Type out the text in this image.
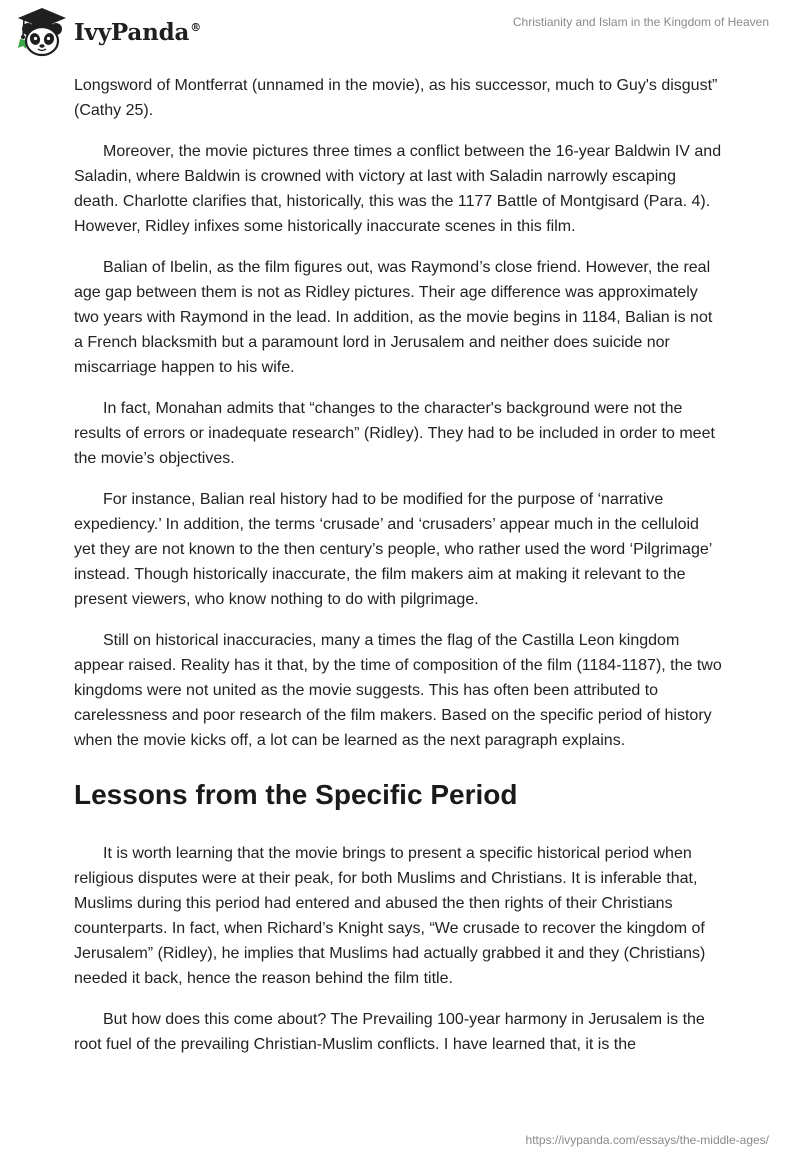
IvyPanda®	Christianity and Islam in the Kingdom of Heaven

Longsword of Montferrat (unnamed in the movie), as his successor, much to Guy's disgust” (Cathy 25).

Moreover, the movie pictures three times a conflict between the 16-year Baldwin IV and Saladin, where Baldwin is crowned with victory at last with Saladin narrowly escaping death. Charlotte clarifies that, historically, this was the 1177 Battle of Montgisard (Para. 4). However, Ridley infixes some historically inaccurate scenes in this film.

Balian of Ibelin, as the film figures out, was Raymond’s close friend. However, the real age gap between them is not as Ridley pictures. Their age difference was approximately two years with Raymond in the lead. In addition, as the movie begins in 1184, Balian is not a French blacksmith but a paramount lord in Jerusalem and neither does suicide nor miscarriage happen to his wife.

In fact, Monahan admits that “changes to the character's background were not the results of errors or inadequate research” (Ridley). They had to be included in order to meet the movie’s objectives.

For instance, Balian real history had to be modified for the purpose of ‘narrative expediency.’ In addition, the terms ‘crusade’ and ‘crusaders’ appear much in the celluloid yet they are not known to the then century’s people, who rather used the word ‘Pilgrimage’ instead. Though historically inaccurate, the film makers aim at making it relevant to the present viewers, who know nothing to do with pilgrimage.

Still on historical inaccuracies, many a times the flag of the Castilla Leon kingdom appear raised. Reality has it that, by the time of composition of the film (1184-1187), the two kingdoms were not united as the movie suggests. This has often been attributed to carelessness and poor research of the film makers. Based on the specific period of history when the movie kicks off, a lot can be learned as the next paragraph explains.

Lessons from the Specific Period

It is worth learning that the movie brings to present a specific historical period when religious disputes were at their peak, for both Muslims and Christians. It is inferable that, Muslims during this period had entered and abused the then rights of their Christians counterparts. In fact, when Richard’s Knight says, “We crusade to recover the kingdom of Jerusalem” (Ridley), he implies that Muslims had actually grabbed it and they (Christians) needed it back, hence the reason behind the film title.

But how does this come about? The Prevailing 100-year harmony in Jerusalem is the root fuel of the prevailing Christian-Muslim conflicts. I have learned that, it is the

https://ivypanda.com/essays/the-middle-ages/
